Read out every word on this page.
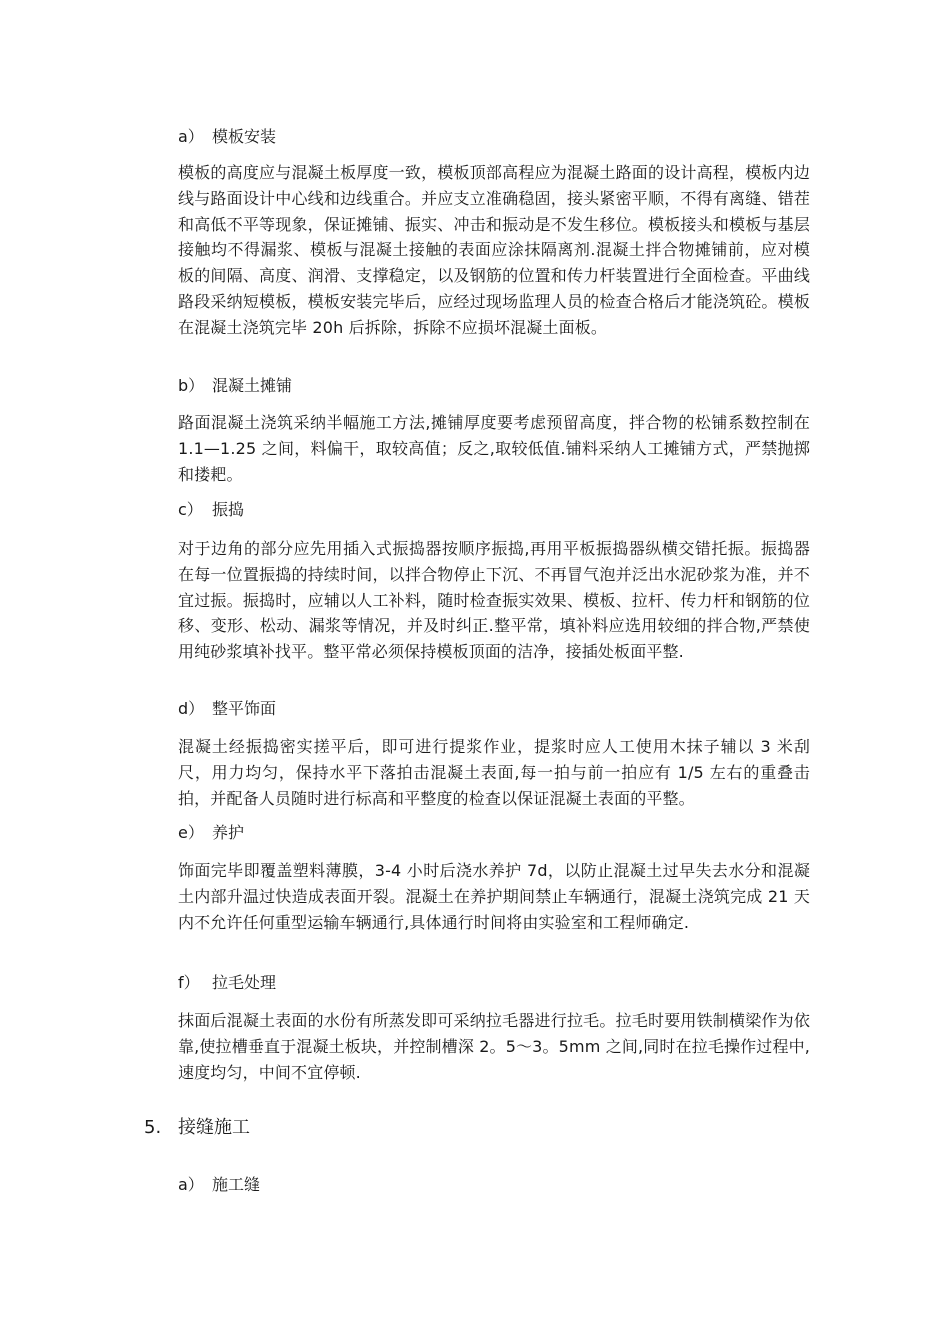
a） 模板安装
模板的高度应与混凝土板厚度一致，模板顶部高程应为混凝土路面的设计高程，模板内边线与路面设计中心线和边线重合。并应支立准确稳固，接头紧密平顺，不得有离缝、错茬和高低不平等现象，保证摊铺、振实、冲击和振动是不发生移位。模板接头和模板与基层接触均不得漏浆、模板与混凝土接触的表面应涂抹隔离剂.混凝土拌合物摊铺前，应对模板的间隔、高度、润滑、支撑稳定，以及钢筋的位置和传力杆装置进行全面检查。平曲线路段采纳短模板，模板安装完毕后，应经过现场监理人员的检查合格后才能浇筑砼。模板在混凝土浇筑完毕 20h 后拆除，拆除不应损坏混凝土面板。
b） 混凝土摊铺
路面混凝土浇筑采纳半幅施工方法,摊铺厚度要考虑预留高度，拌合物的松铺系数控制在 1.1—1.25 之间，料偏干，取较高值；反之,取较低值.铺料采纳人工摊铺方式，严禁抛掷和搂耙。
c） 振捣
对于边角的部分应先用插入式振捣器按顺序振捣,再用平板振捣器纵横交错托振。振捣器在每一位置振捣的持续时间，以拌合物停止下沉、不再冒气泡并泛出水泥砂浆为准，并不宜过振。振捣时，应辅以人工补料，随时检查振实效果、模板、拉杆、传力杆和钢筋的位移、变形、松动、漏浆等情况，并及时纠正.整平常，填补料应选用较细的拌合物,严禁使用纯砂浆填补找平。整平常必须保持模板顶面的洁净，接插处板面平整.
d） 整平饰面
混凝土经振捣密实搓平后，即可进行提浆作业，提浆时应人工使用木抹子辅以 3 米刮尺，用力均匀，保持水平下落拍击混凝土表面,每一拍与前一拍应有 1/5 左右的重叠击拍，并配备人员随时进行标高和平整度的检查以保证混凝土表面的平整。
e） 养护
饰面完毕即覆盖塑料薄膜，3-4 小时后浇水养护 7d，以防止混凝土过早失去水分和混凝土内部升温过快造成表面开裂。混凝土在养护期间禁止车辆通行，混凝土浇筑完成 21 天内不允许任何重型运输车辆通行,具体通行时间将由实验室和工程师确定.
f） 拉毛处理
抹面后混凝土表面的水份有所蒸发即可采纳拉毛器进行拉毛。拉毛时要用铁制横梁作为依靠,使拉槽垂直于混凝土板块，并控制槽深 2。5～3。5mm 之间,同时在拉毛操作过程中,速度均匀，中间不宜停顿.
5. 接缝施工
a） 施工缝
